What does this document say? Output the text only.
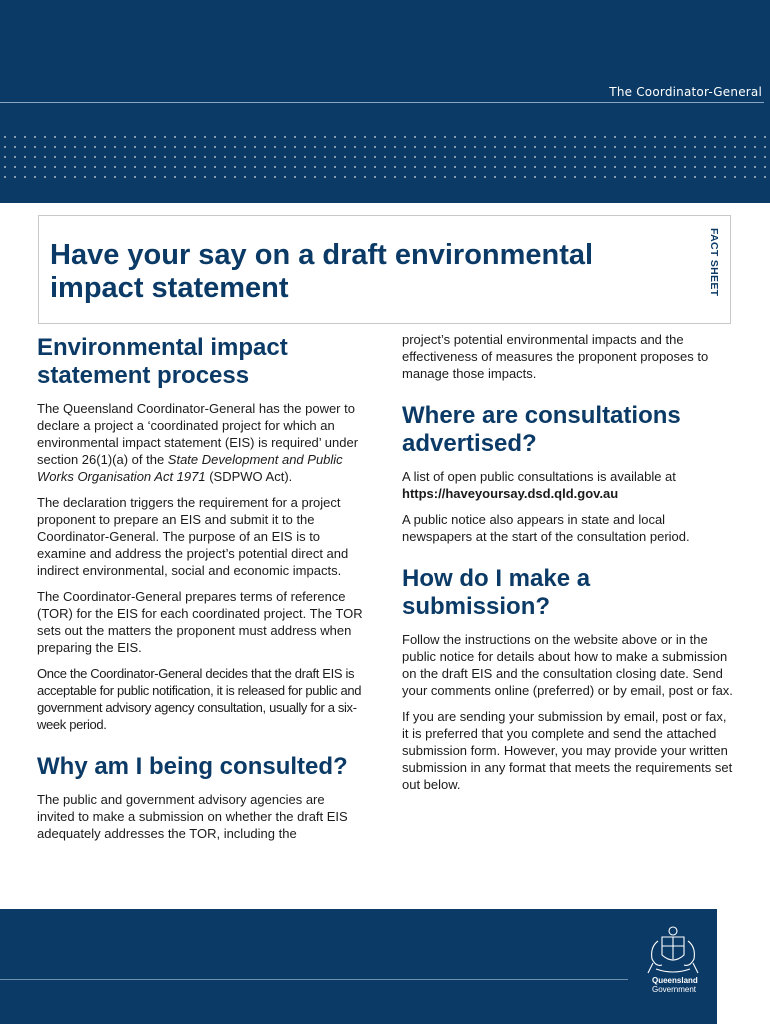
The Coordinator-General
Have your say on a draft environmental impact statement	FACT SHEET
Environmental impact statement process

The Queensland Coordinator-General has the power to declare a project a ‘coordinated project for which an environmental impact statement (EIS) is required’ under section 26(1)(a) of the State Development and Public Works Organisation Act 1971 (SDPWO Act).

The declaration triggers the requirement for a project proponent to prepare an EIS and submit it to the Coordinator-General. The purpose of an EIS is to examine and address the project’s potential direct and indirect environmental, social and economic impacts.

The Coordinator-General prepares terms of reference (TOR) for the EIS for each coordinated project. The TOR sets out the matters the proponent must address when preparing the EIS.

Once the Coordinator-General decides that the draft EIS is acceptable for public notification, it is released for public and government advisory agency consultation, usually for a six-week period.

Why am I being consulted?

The public and government advisory agencies are invited to make a submission on whether the draft EIS adequately addresses the TOR, including the

project’s potential environmental impacts and the effectiveness of measures the proponent proposes to manage those impacts.

Where are consultations advertised?

A list of open public consultations is available at
https://haveyoursay.dsd.qld.gov.au

A public notice also appears in state and local newspapers at the start of the consultation period.

How do I make a submission?

Follow the instructions on the website above or in the public notice for details about how to make a submission on the draft EIS and the consultation closing date. Send your comments online (preferred) or by email, post or fax.

If you are sending your submission by email, post or fax, it is preferred that you complete and send the attached submission form. However, you may provide your written submission in any format that meets the requirements set out below.

Queensland
Government
